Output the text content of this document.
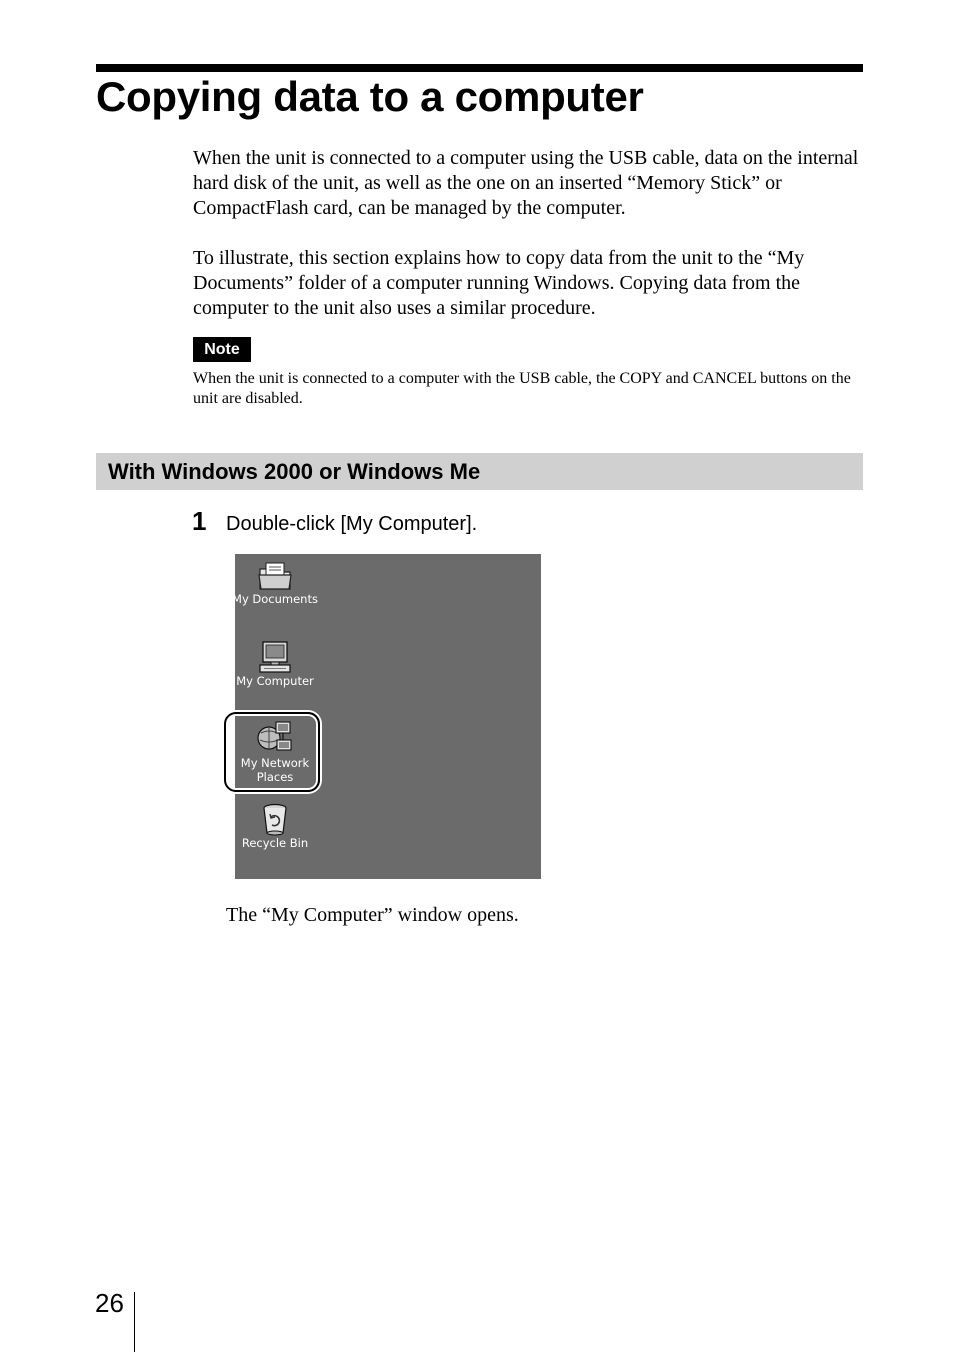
Copying data to a computer

When the unit is connected to a computer using the USB cable, data on the internal hard disk of the unit, as well as the one on an inserted “Memory Stick” or CompactFlash card, can be managed by the computer.

To illustrate, this section explains how to copy data from the unit to the “My Documents” folder of a computer running Windows. Copying data from the computer to the unit also uses a similar procedure.

Note

When the unit is connected to a computer with the USB cable, the COPY and CANCEL buttons on the unit are disabled.

With Windows 2000 or Windows Me
1 Double-click [My Computer].
My Documents
My Computer
My Network
Places
Recycle Bin

The “My Computer” window opens.

26
